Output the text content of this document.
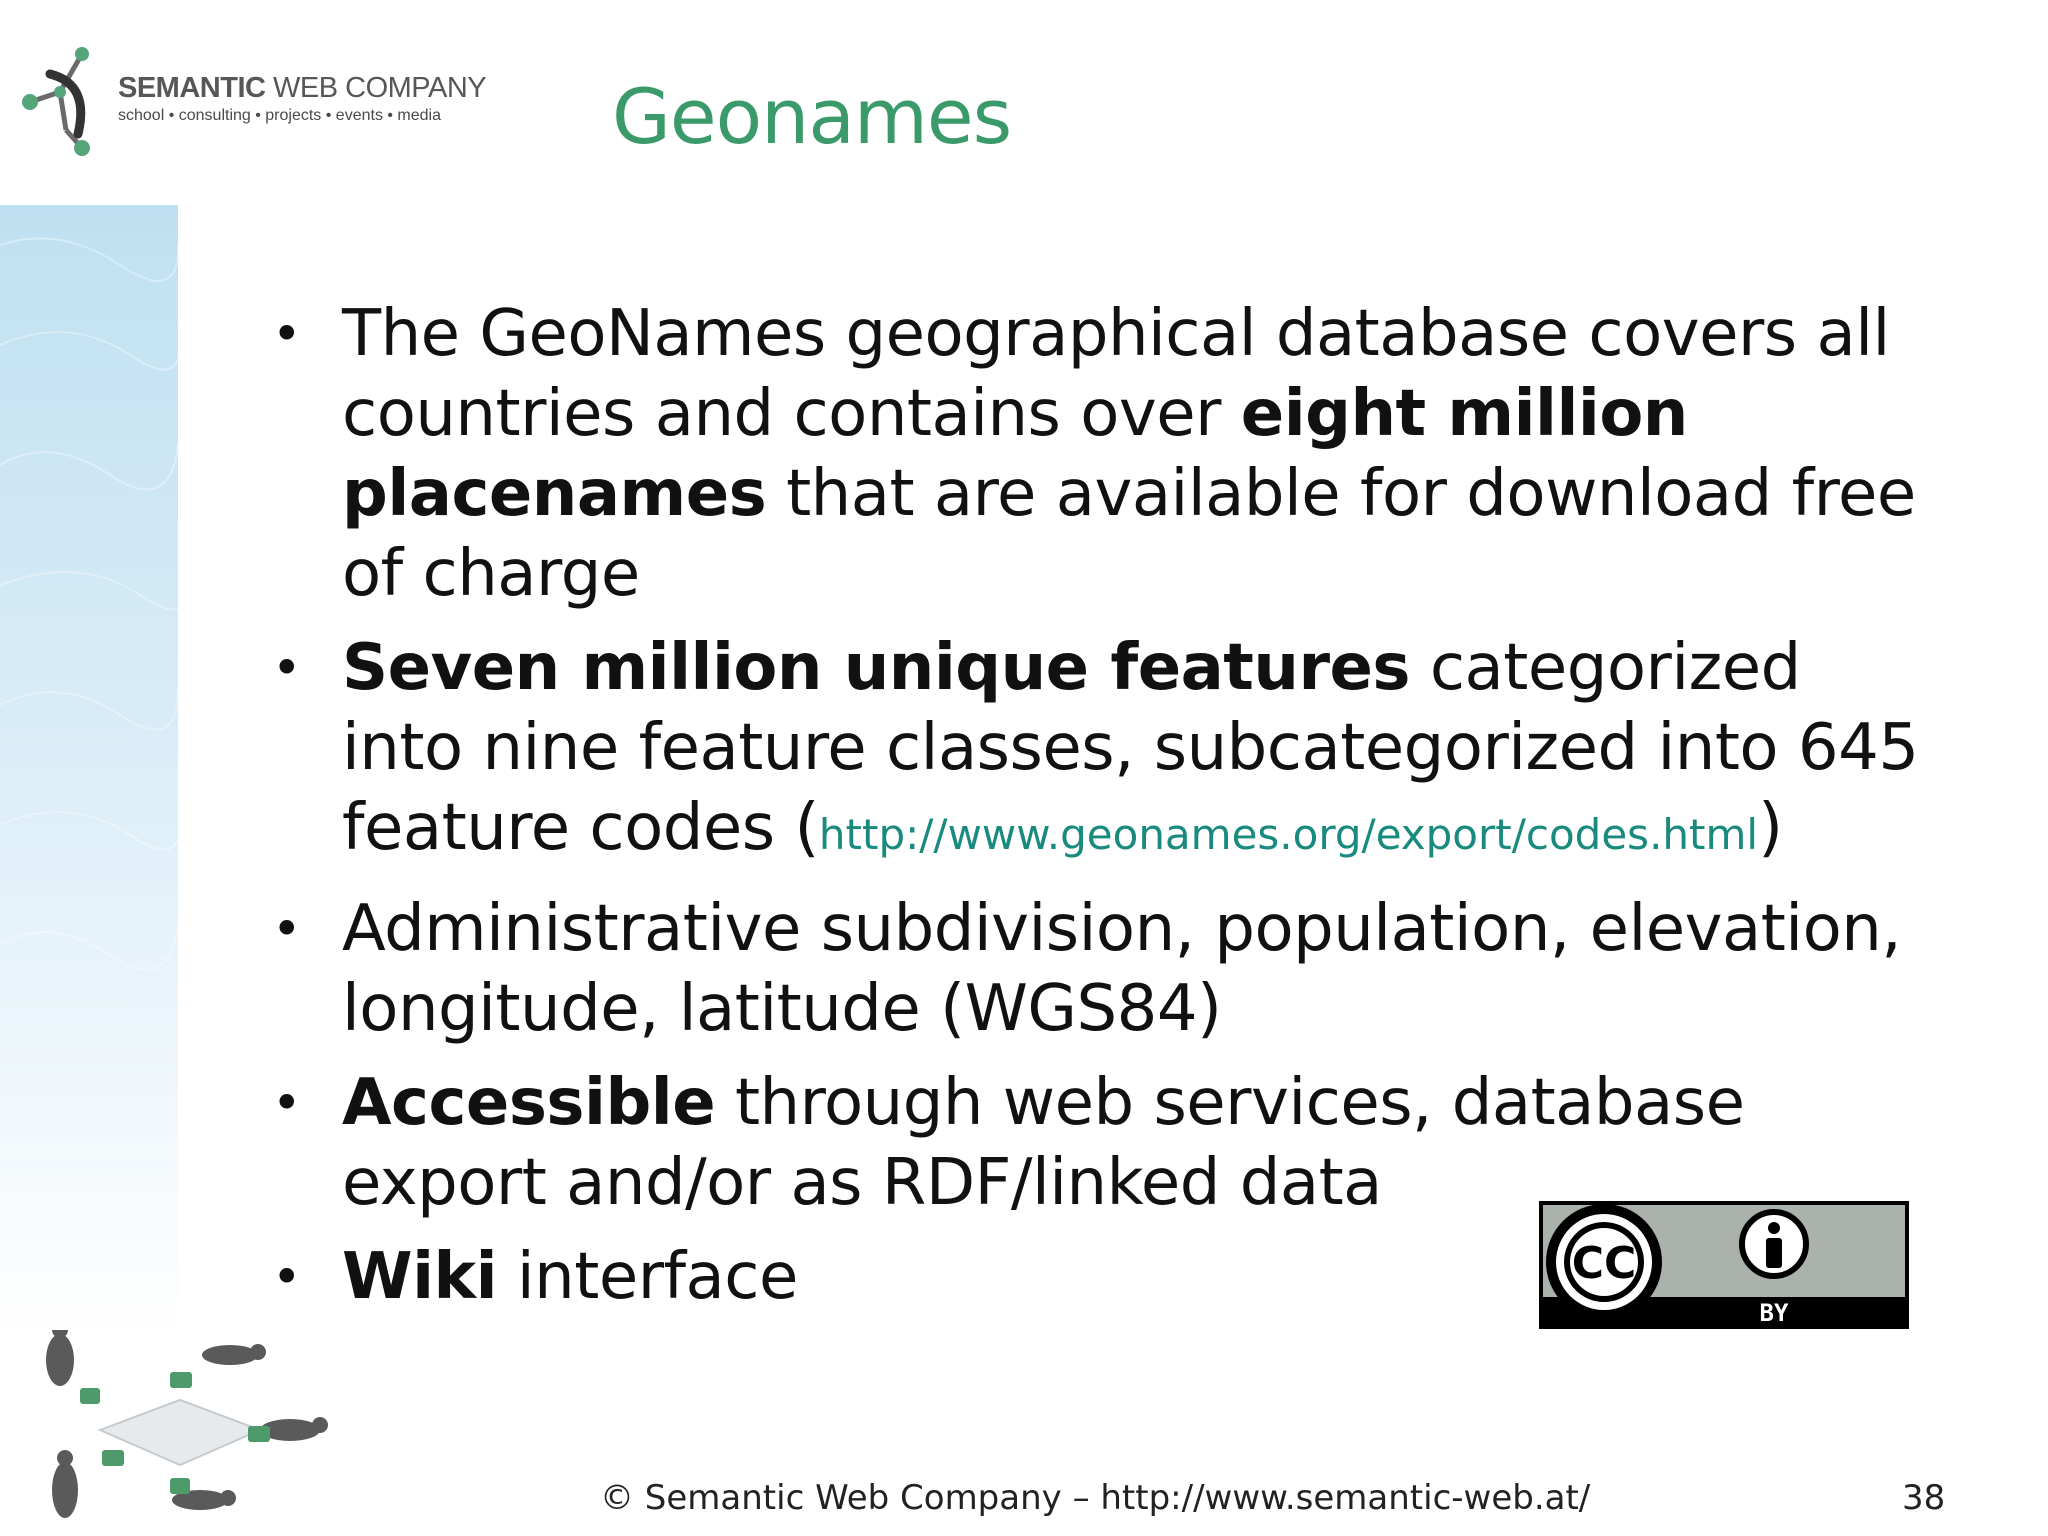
SEMANTIC WEB COMPANY
school • consulting • projects • events • media	Geonames
• The GeoNames geographical database covers all countries and contains over eight million placenames that are available for download free of charge
• Seven million unique features categorized into nine feature classes, subcategorized into 645 feature codes (http://www.geonames.org/export/codes.html)
• Administrative subdivision, population, elevation, longitude, latitude (WGS84)
• Accessible through web services, database export and/or as RDF/linked data
• Wiki interface	CC
BY
© Semantic Web Company – http://www.semantic-web.at/	38
